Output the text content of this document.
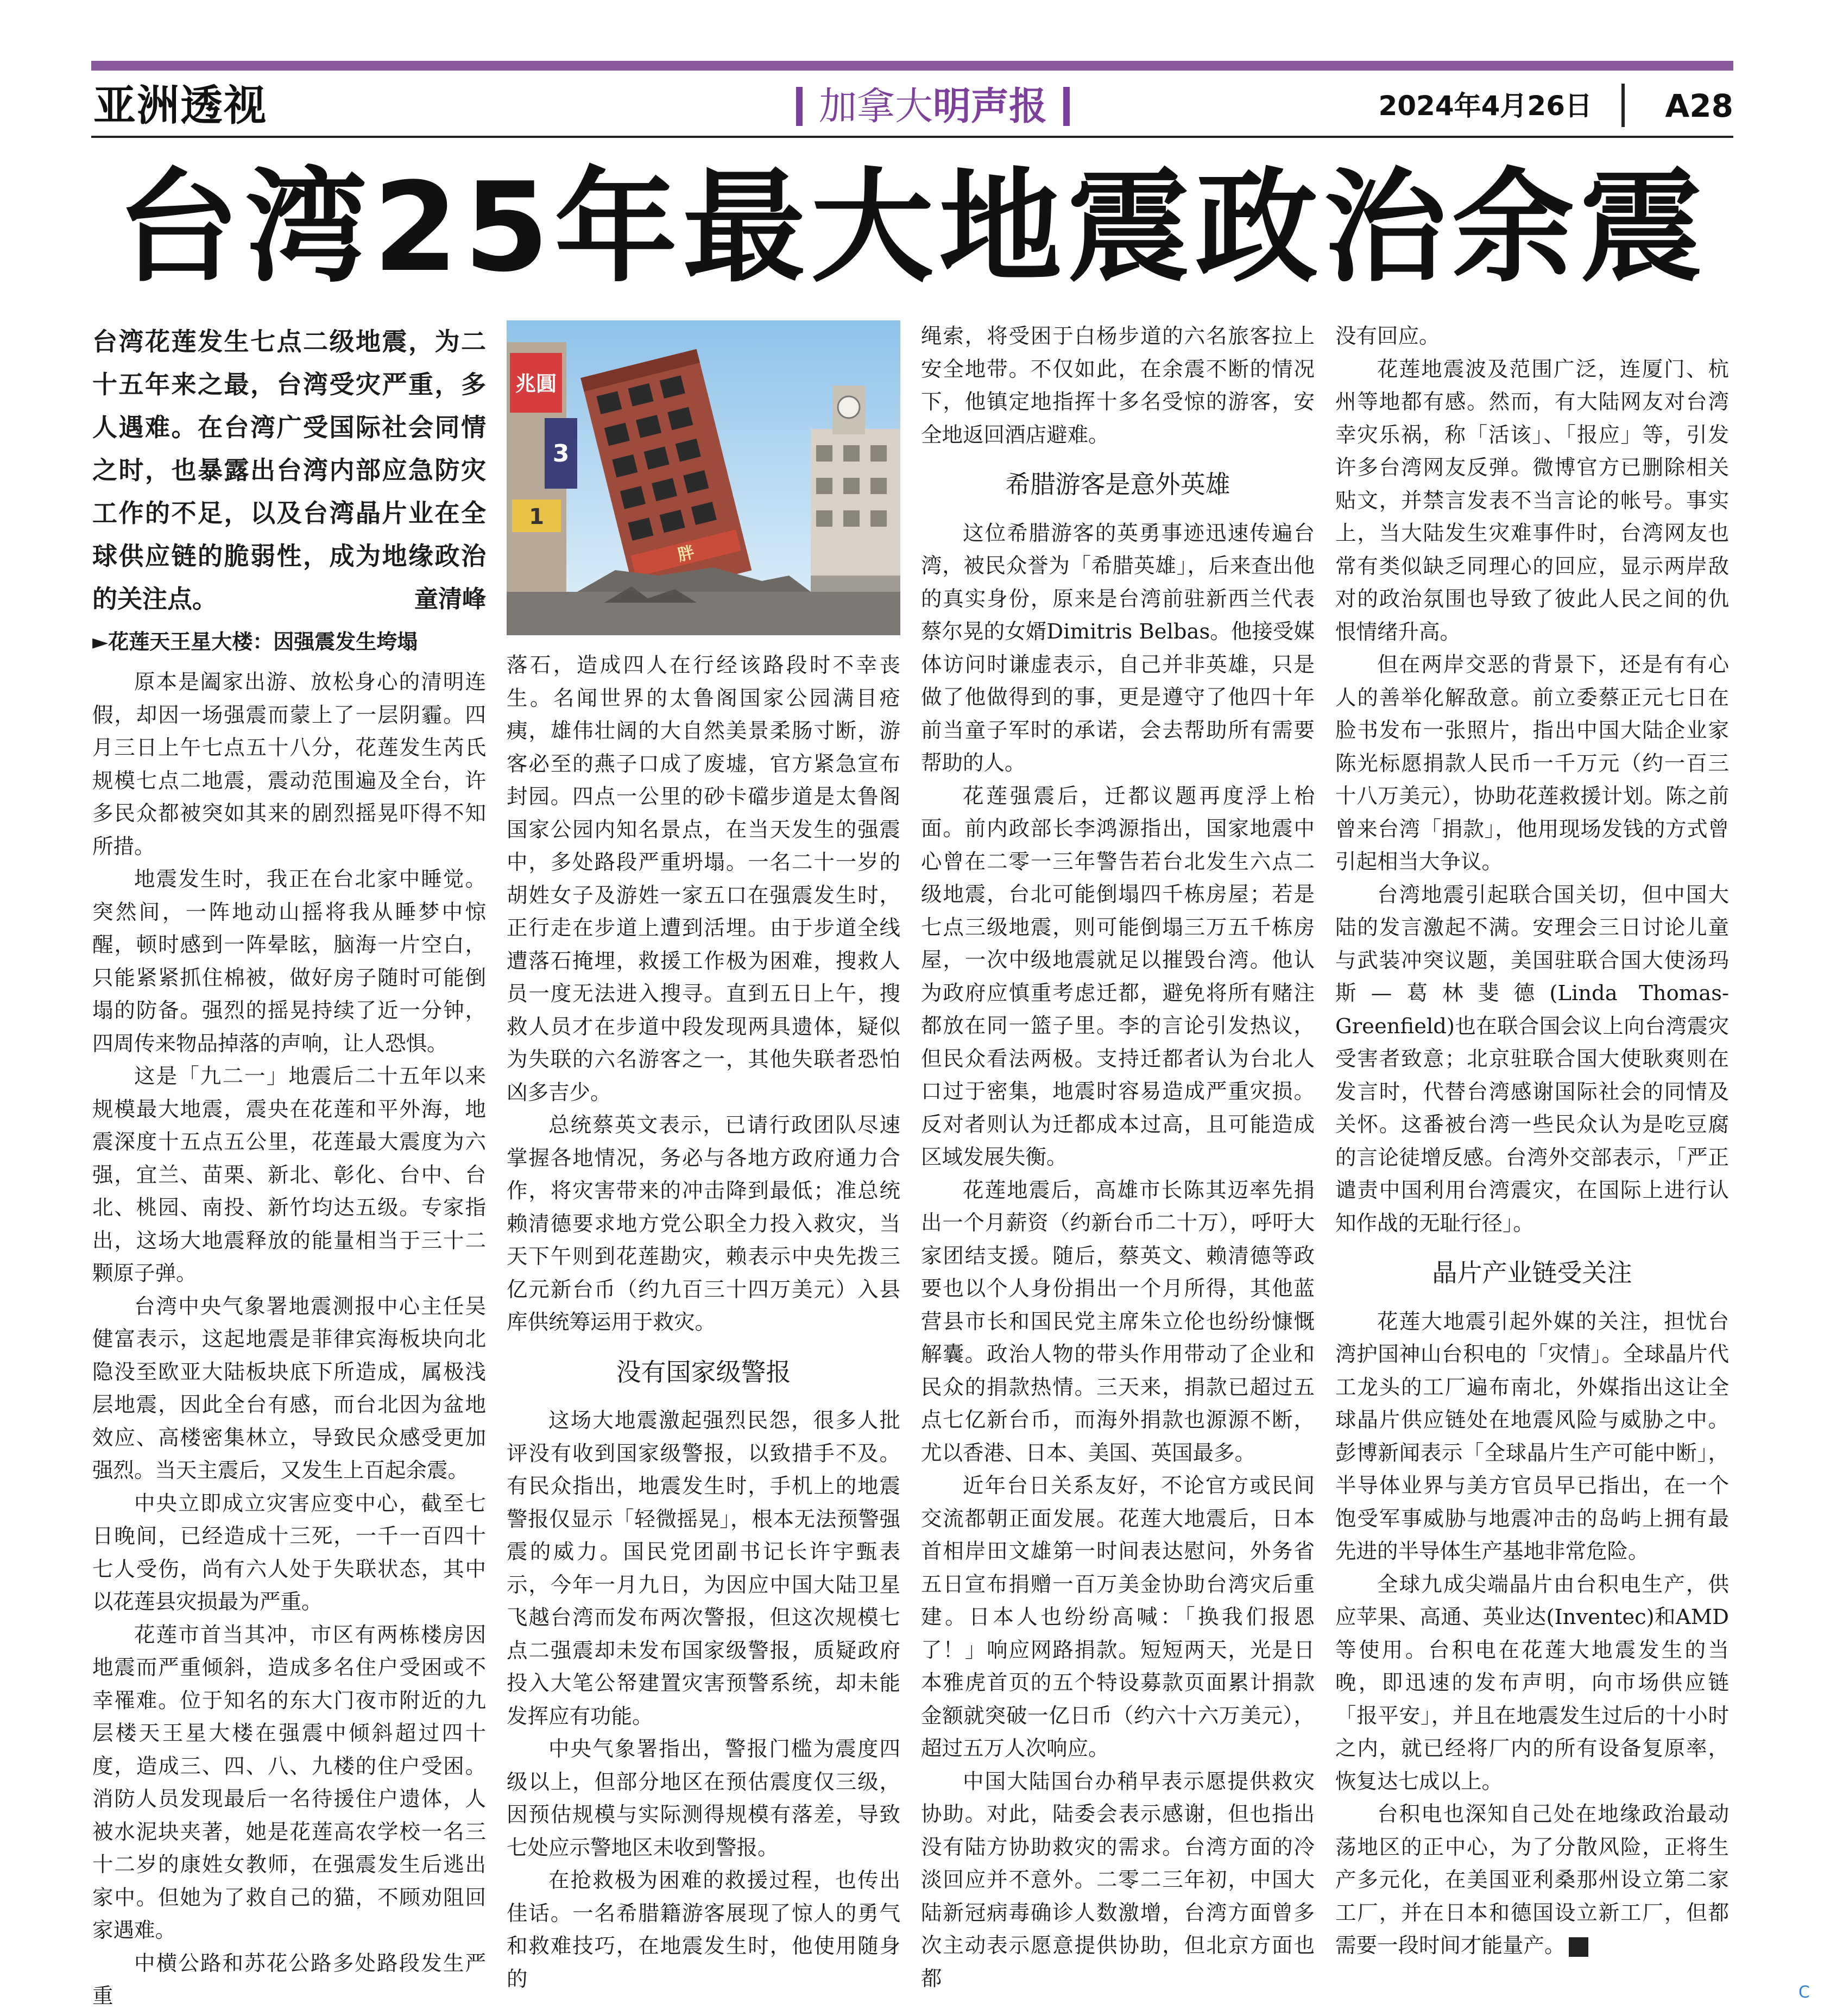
亚洲透视	加拿大明声报	2024年4月26日 A28
台湾25年最大地震政治余震
台湾花莲发生七点二级地震，为二十五年来之最，台湾受灾严重，多人遇难。在台湾广受国际社会同情之时，也暴露出台湾内部应急防灾工作的不足，以及台湾晶片业在全球供应链的脆弱性，成为地缘政治的关注点。	童清峰
►花莲天王星大楼：因强震发生垮塌

原本是阖家出游、放松身心的清明连假，却因一场强震而蒙上了一层阴霾。四月三日上午七点五十八分，花莲发生芮氏规模七点二地震，震动范围遍及全台，许多民众都被突如其来的剧烈摇晃吓得不知所措。

地震发生时，我正在台北家中睡觉。突然间，一阵地动山摇将我从睡梦中惊醒，顿时感到一阵晕眩，脑海一片空白，只能紧紧抓住棉被，做好房子随时可能倒塌的防备。强烈的摇晃持续了近一分钟，四周传来物品掉落的声响，让人恐惧。

这是「九二一」地震后二十五年以来规模最大地震，震央在花莲和平外海，地震深度十五点五公里，花莲最大震度为六强，宜兰、苗栗、新北、彰化、台中、台北、桃园、南投、新竹均达五级。专家指出，这场大地震释放的能量相当于三十二颗原子弹。

台湾中央气象署地震测报中心主任吴健富表示，这起地震是菲律宾海板块向北隐没至欧亚大陆板块底下所造成，属极浅层地震，因此全台有感，而台北因为盆地效应、高楼密集林立，导致民众感受更加强烈。当天主震后，又发生上百起余震。

中央立即成立灾害应变中心，截至七日晚间，已经造成十三死，一千一百四十七人受伤，尚有六人处于失联状态，其中以花莲县灾损最为严重。

花莲市首当其冲，市区有两栋楼房因地震而严重倾斜，造成多名住户受困或不幸罹难。位于知名的东大门夜市附近的九层楼天王星大楼在强震中倾斜超过四十度，造成三、四、八、九楼的住户受困。消防人员发现最后一名待援住户遗体，人被水泥块夹著，她是花莲高农学校一名三十二岁的康姓女教师，在强震发生后逃出家中。但她为了救自己的猫，不顾劝阻回家遇难。

中横公路和苏花公路多处路段发生严重

兆圓
3
1
胖

落石，造成四人在行经该路段时不幸丧生。名闻世界的太鲁阁国家公园满目疮痍，雄伟壮阔的大自然美景柔肠寸断，游客必至的燕子口成了废墟，官方紧急宣布封园。四点一公里的砂卡礑步道是太鲁阁国家公园内知名景点，在当天发生的强震中，多处路段严重坍塌。一名二十一岁的胡姓女子及游姓一家五口在强震发生时，正行走在步道上遭到活埋。由于步道全线遭落石掩埋，救援工作极为困难，搜救人员一度无法进入搜寻。直到五日上午，搜救人员才在步道中段发现两具遗体，疑似为失联的六名游客之一，其他失联者恐怕凶多吉少。

总统蔡英文表示，已请行政团队尽速掌握各地情况，务必与各地方政府通力合作，将灾害带来的冲击降到最低；准总统赖清德要求地方党公职全力投入救灾，当天下午则到花莲勘灾，赖表示中央先拨三亿元新台币（约九百三十四万美元）入县库供统筹运用于救灾。

没有国家级警报

这场大地震激起强烈民怨，很多人批评没有收到国家级警报，以致措手不及。有民众指出，地震发生时，手机上的地震警报仅显示「轻微摇晃」，根本无法预警强震的威力。国民党团副书记长许宇甄表示，今年一月九日，为因应中国大陆卫星飞越台湾而发布两次警报，但这次规模七点二强震却未发布国家级警报，质疑政府投入大笔公帑建置灾害预警系统，却未能发挥应有功能。

中央气象署指出，警报门槛为震度四级以上，但部分地区在预估震度仅三级，因预估规模与实际测得规模有落差，导致七处应示警地区未收到警报。

在抢救极为困难的救援过程，也传出佳话。一名希腊籍游客展现了惊人的勇气和救难技巧，在地震发生时，他使用随身的

绳索，将受困于白杨步道的六名旅客拉上安全地带。不仅如此，在余震不断的情况下，他镇定地指挥十多名受惊的游客，安全地返回酒店避难。

希腊游客是意外英雄

这位希腊游客的英勇事迹迅速传遍台湾，被民众誉为「希腊英雄」，后来查出他的真实身份，原来是台湾前驻新西兰代表蔡尔晃的女婿Dimitris Belbas。他接受媒体访问时谦虚表示，自己并非英雄，只是做了他做得到的事，更是遵守了他四十年前当童子军时的承诺，会去帮助所有需要帮助的人。

花莲强震后，迁都议题再度浮上枱面。前内政部长李鸿源指出，国家地震中心曾在二零一三年警告若台北发生六点二级地震，台北可能倒塌四千栋房屋；若是七点三级地震，则可能倒塌三万五千栋房屋，一次中级地震就足以摧毁台湾。他认为政府应慎重考虑迁都，避免将所有赌注都放在同一篮子里。李的言论引发热议，但民众看法两极。支持迁都者认为台北人口过于密集，地震时容易造成严重灾损。反对者则认为迁都成本过高，且可能造成区域发展失衡。

花莲地震后，高雄市长陈其迈率先捐出一个月薪资（约新台币二十万），呼吁大家团结支援。随后，蔡英文、赖清德等政要也以个人身份捐出一个月所得，其他蓝营县市长和国民党主席朱立伦也纷纷慷慨解囊。政治人物的带头作用带动了企业和民众的捐款热情。三天来，捐款已超过五点七亿新台币，而海外捐款也源源不断，尤以香港、日本、美国、英国最多。

近年台日关系友好，不论官方或民间交流都朝正面发展。花莲大地震后，日本首相岸田文雄第一时间表达慰问，外务省五日宣布捐赠一百万美金协助台湾灾后重建。日本人也纷纷高喊：「换我们报恩了！」响应网路捐款。短短两天，光是日本雅虎首页的五个特设募款页面累计捐款金额就突破一亿日币（约六十六万美元），超过五万人次响应。

中国大陆国台办稍早表示愿提供救灾协助。对此，陆委会表示感谢，但也指出没有陆方协助救灾的需求。台湾方面的冷淡回应并不意外。二零二三年初，中国大陆新冠病毒确诊人数激增，台湾方面曾多次主动表示愿意提供协助，但北京方面也都

没有回应。

花莲地震波及范围广泛，连厦门、杭州等地都有感。然而，有大陆网友对台湾幸灾乐祸，称「活该」、「报应」等，引发许多台湾网友反弹。微博官方已删除相关贴文，并禁言发表不当言论的帐号。事实上，当大陆发生灾难事件时，台湾网友也常有类似缺乏同理心的回应，显示两岸敌对的政治氛围也导致了彼此人民之间的仇恨情绪升高。

但在两岸交恶的背景下，还是有有心人的善举化解敌意。前立委蔡正元七日在脸书发布一张照片，指出中国大陆企业家陈光标愿捐款人民币一千万元（约一百三十八万美元），协助花莲救援计划。陈之前曾来台湾「捐款」，他用现场发钱的方式曾引起相当大争议。

台湾地震引起联合国关切，但中国大陆的发言激起不满。安理会三日讨论儿童与武装冲突议题，美国驻联合国大使汤玛斯—葛林斐德(Linda Thomas-Greenfield)也在联合国会议上向台湾震灾受害者致意；北京驻联合国大使耿爽则在发言时，代替台湾感谢国际社会的同情及关怀。这番被台湾一些民众认为是吃豆腐的言论徒增反感。台湾外交部表示，「严正谴责中国利用台湾震灾，在国际上进行认知作战的无耻行径」。

晶片产业链受关注

花莲大地震引起外媒的关注，担忧台湾护国神山台积电的「灾情」。全球晶片代工龙头的工厂遍布南北，外媒指出这让全球晶片供应链处在地震风险与威胁之中。彭博新闻表示「全球晶片生产可能中断」，半导体业界与美方官员早已指出，在一个饱受军事威胁与地震冲击的岛屿上拥有最先进的半导体生产基地非常危险。

全球九成尖端晶片由台积电生产，供应苹果、高通、英业达(Inventec)和AMD等使用。台积电在花莲大地震发生的当晚，即迅速的发布声明，向市场供应链「报平安」，并且在地震发生过后的十小时之内，就已经将厂内的所有设备复原率，恢复达七成以上。

台积电也深知自己处在地缘政治最动荡地区的正中心，为了分散风险，正将生产多元化，在美国亚利桑那州设立第二家工厂，并在日本和德国设立新工厂，但都需要一段时间才能量产。

C
